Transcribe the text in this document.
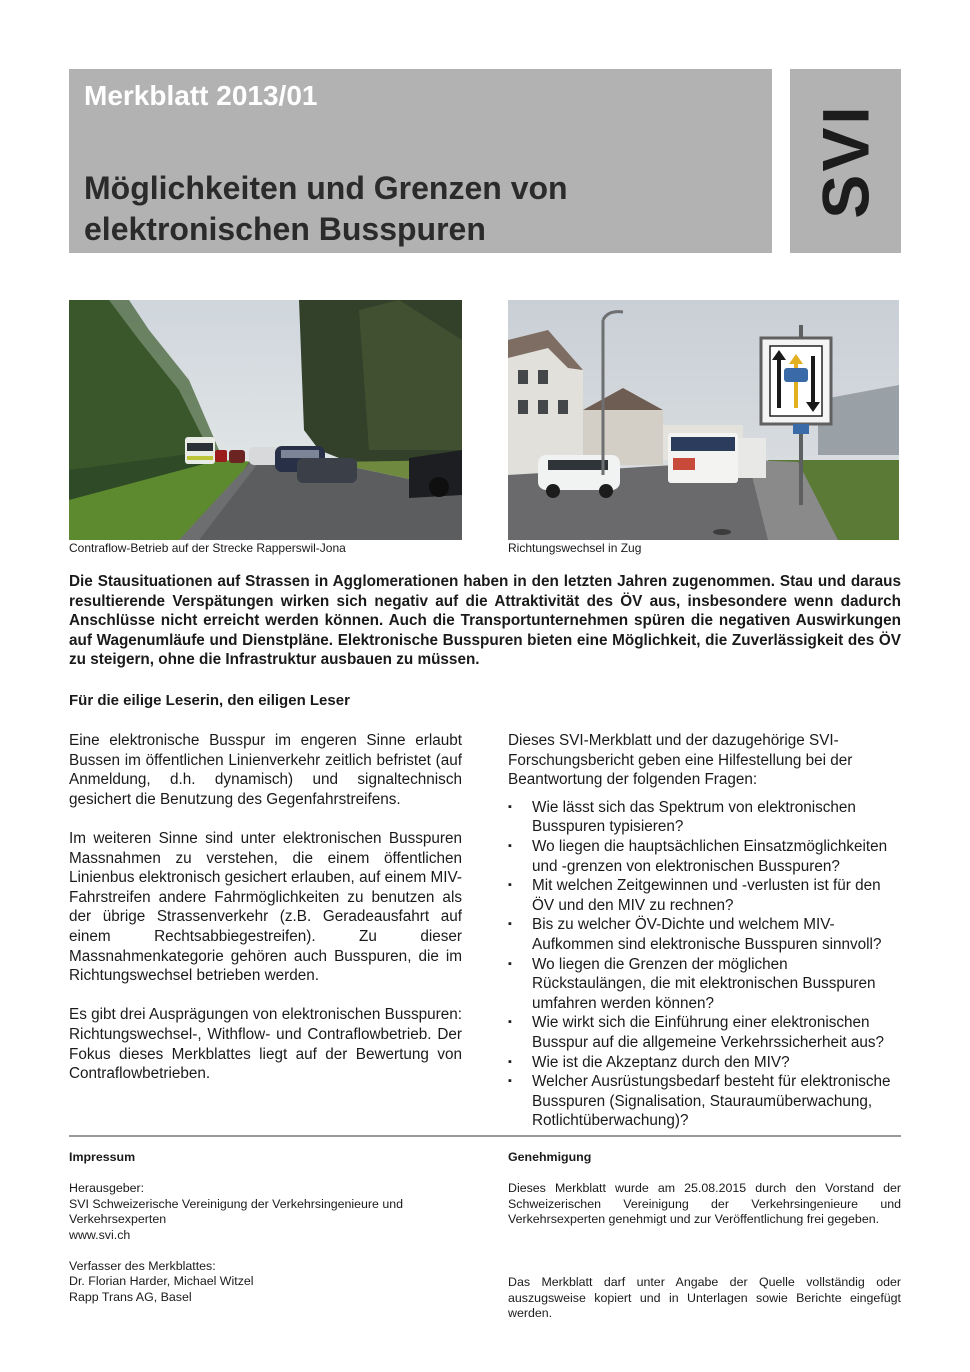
Merkblatt 2013/01
Möglichkeiten und Grenzen von
elektronischen Busspuren
SVI
Contraflow-Betrieb auf der Strecke Rapperswil-Jona	Richtungswechsel in Zug

Die Stausituationen auf Strassen in Agglomerationen haben in den letzten Jahren zugenommen. Stau und daraus resultierende Verspätungen wirken sich negativ auf die Attraktivität des ÖV aus, insbesondere wenn dadurch Anschlüsse nicht erreicht werden können. Auch die Transportunternehmen spüren die negativen Auswirkungen auf Wagenumläufe und Dienstpläne. Elektronische Busspuren bieten eine Möglichkeit, die Zuverlässigkeit des ÖV zu steigern, ohne die Infrastruktur ausbauen zu müssen.

Für die eilige Leserin, den eiligen Leser

Eine elektronische Busspur im engeren Sinne erlaubt Bussen im öffentlichen Linienverkehr zeitlich befristet (auf Anmeldung, d.h. dynamisch) und signaltechnisch gesichert die Benutzung des Gegenfahrstreifens.

Im weiteren Sinne sind unter elektronischen Busspuren Massnahmen zu verstehen, die einem öffentlichen Linienbus elektronisch gesichert erlauben, auf einem MIV-Fahrstreifen andere Fahrmöglichkeiten zu benutzen als der übrige Strassenverkehr (z.B. Geradeausfahrt auf einem Rechtsabbiegestreifen). Zu dieser Massnahmenkategorie gehören auch Busspuren, die im Richtungswechsel betrieben werden.

Es gibt drei Ausprägungen von elektronischen Busspuren: Richtungswechsel-, Withflow- und Contraflowbetrieb. Der Fokus dieses Merkblattes liegt auf der Bewertung von Contraflowbetrieben.

Dieses SVI-Merkblatt und der dazugehörige SVI-Forschungsbericht geben eine Hilfestellung bei der Beantwortung der folgenden Fragen:

▪ Wie lässt sich das Spektrum von elektronischen Busspuren typisieren?
▪ Wo liegen die hauptsächlichen Einsatzmöglichkeiten und -grenzen von elektronischen Busspuren?
▪ Mit welchen Zeitgewinnen und -verlusten ist für den ÖV und den MIV zu rechnen?
▪ Bis zu welcher ÖV-Dichte und welchem MIV-Aufkommen sind elektronische Busspuren sinnvoll?
▪ Wo liegen die Grenzen der möglichen Rückstaulängen, die mit elektronischen Busspuren umfahren werden können?
▪ Wie wirkt sich die Einführung einer elektronischen Busspur auf die allgemeine Verkehrssicherheit aus?
▪ Wie ist die Akzeptanz durch den MIV?
▪ Welcher Ausrüstungsbedarf besteht für elektronische Busspuren (Signalisation, Stauraumüberwachung, Rotlichtüberwachung)?
Impressum

Herausgeber:

SVI Schweizerische Vereinigung der Verkehrsingenieure und

Verkehrsexperten

www.svi.ch

Verfasser des Merkblattes:

Dr. Florian Harder, Michael Witzel

Rapp Trans AG, Basel

Genehmigung

Dieses Merkblatt wurde am 25.08.2015 durch den Vorstand der Schweizerischen Vereinigung der Verkehrsingenieure und Verkehrsexperten genehmigt und zur Veröffentlichung frei gegeben.

Das Merkblatt darf unter Angabe der Quelle vollständig oder auszugsweise kopiert und in Unterlagen sowie Berichte eingefügt werden.
